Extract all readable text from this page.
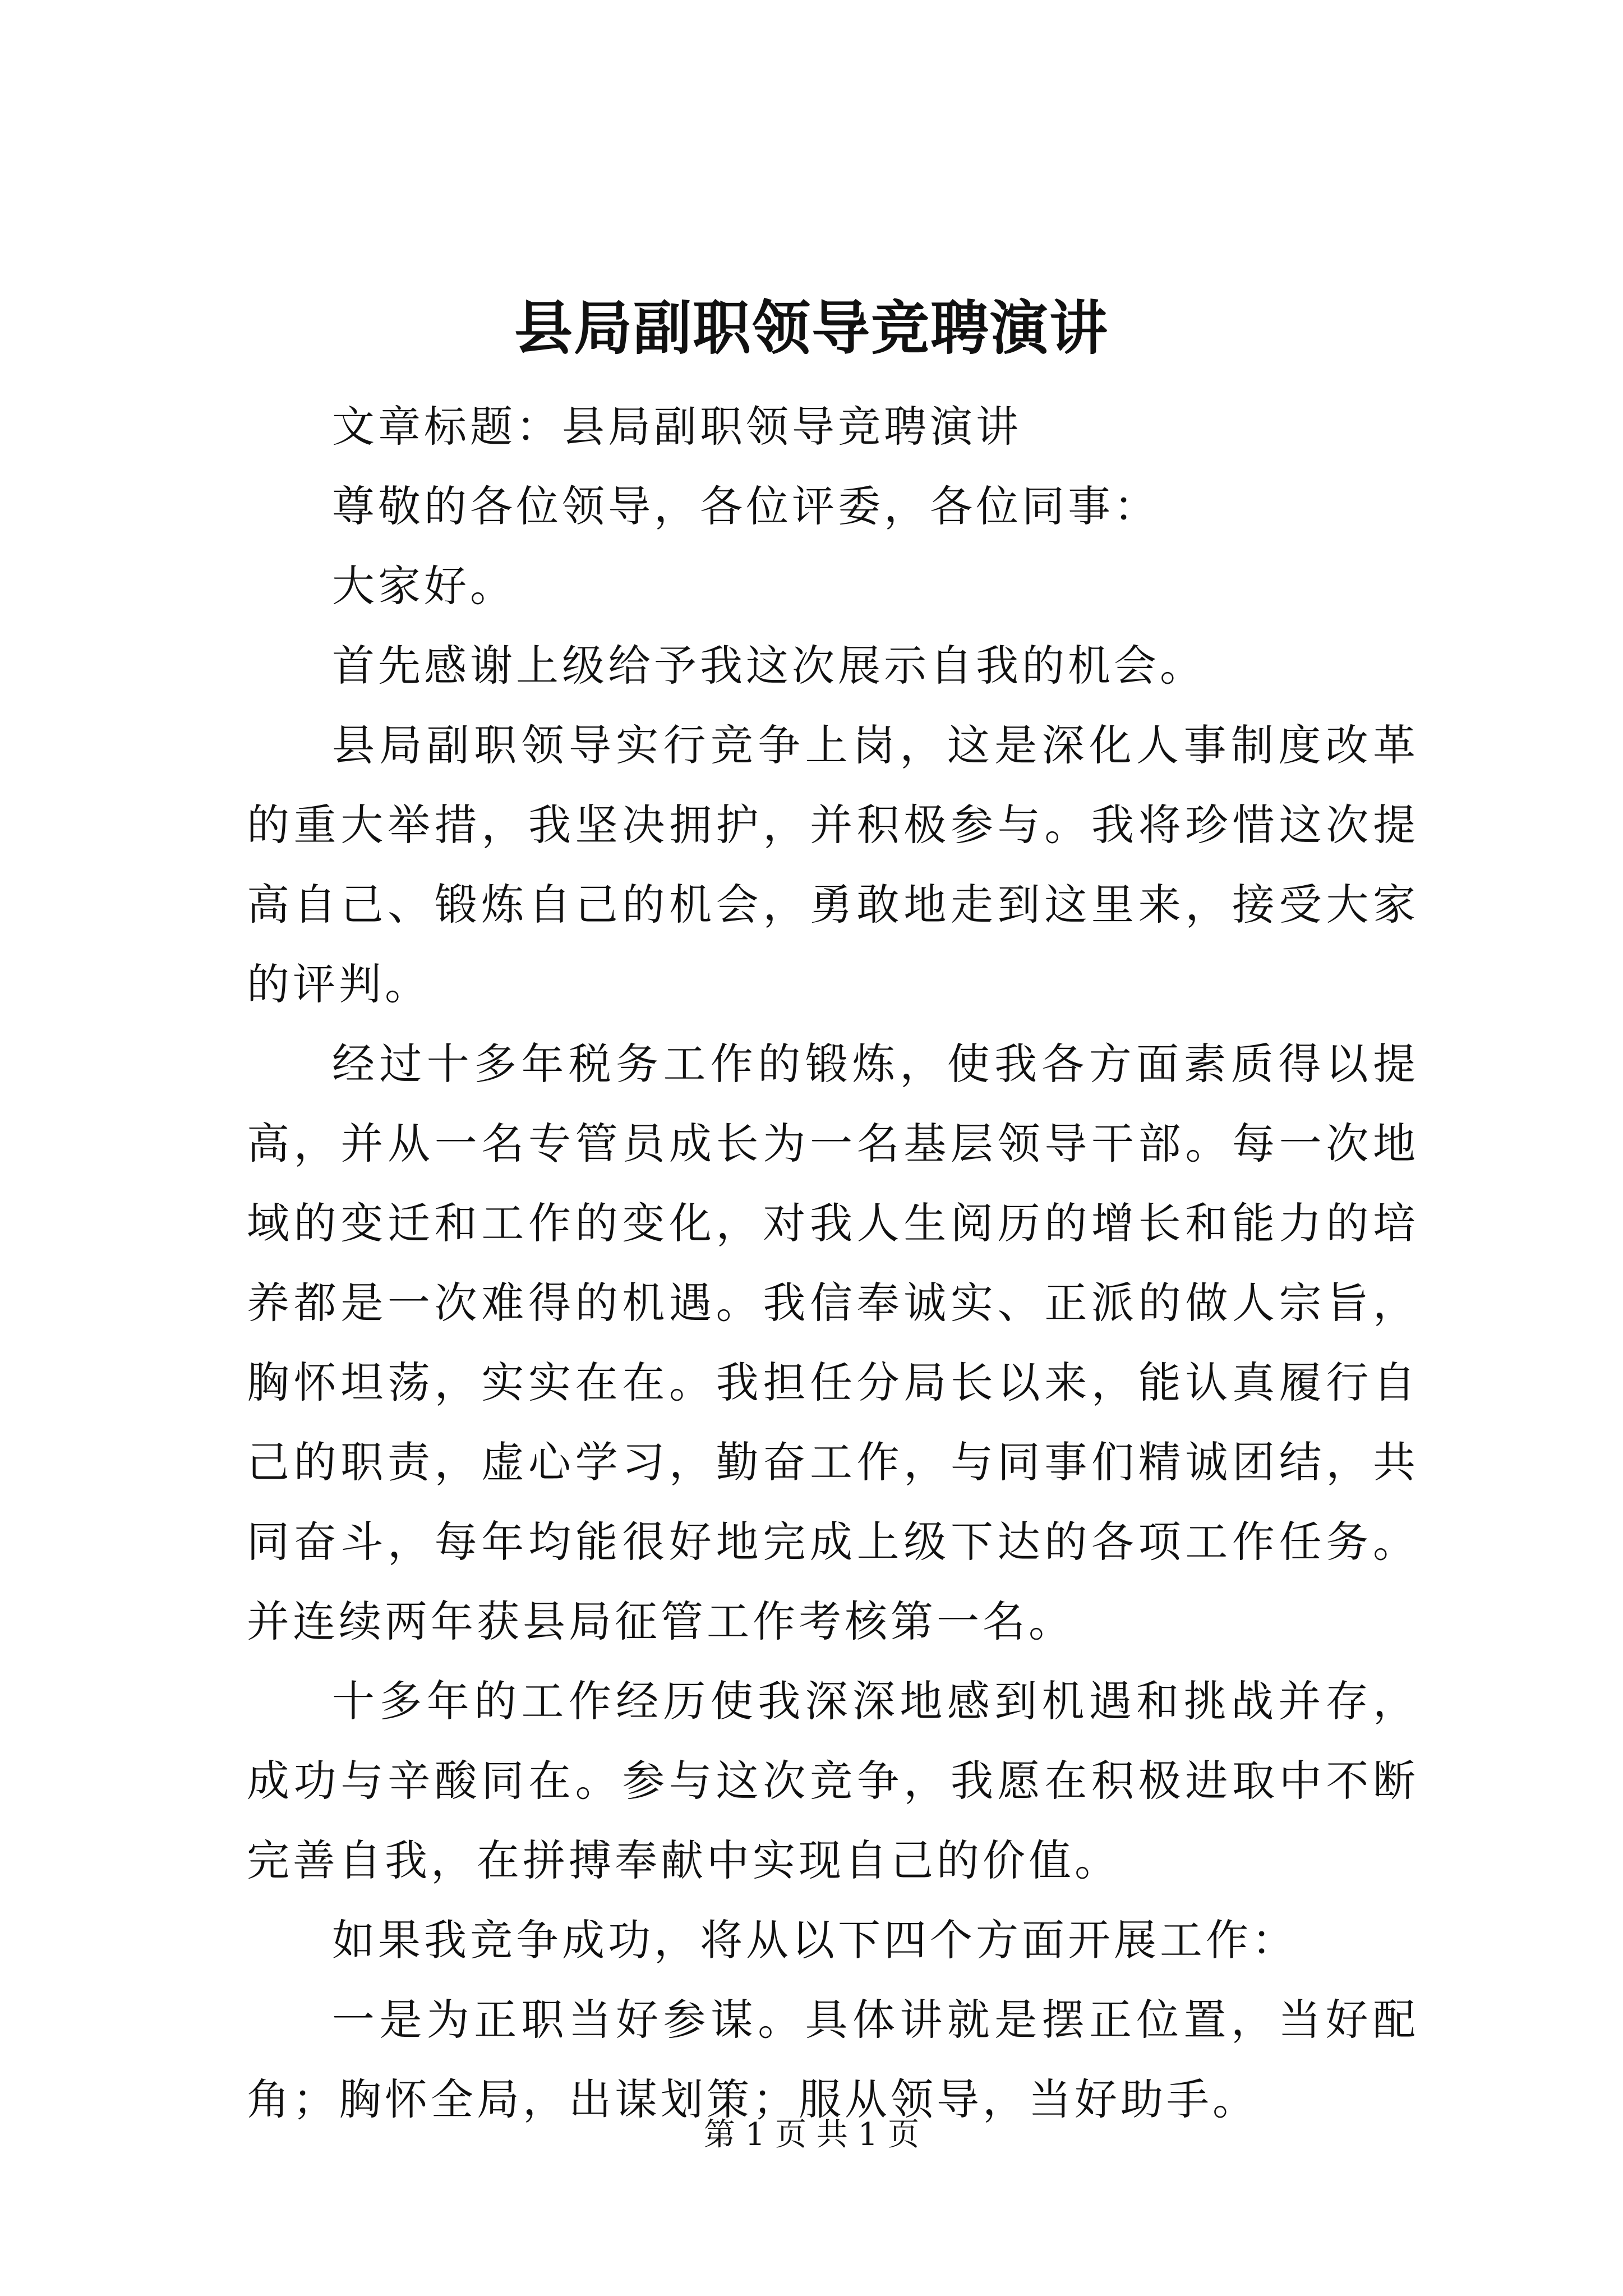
县局副职领导竞聘演讲

文章标题：县局副职领导竞聘演讲

尊敬的各位领导，各位评委，各位同事：

大家好。

首先感谢上级给予我这次展示自我的机会。

县局副职领导实行竞争上岗，这是深化人事制度改革的重大举措，我坚决拥护，并积极参与。我将珍惜这次提高自己、锻炼自己的机会，勇敢地走到这里来，接受大家的评判。

经过十多年税务工作的锻炼，使我各方面素质得以提高，并从一名专管员成长为一名基层领导干部。每一次地域的变迁和工作的变化，对我人生阅历的增长和能力的培养都是一次难得的机遇。我信奉诚实、正派的做人宗旨，胸怀坦荡，实实在在。我担任分局长以来，能认真履行自己的职责，虚心学习，勤奋工作，与同事们精诚团结，共同奋斗，每年均能很好地完成上级下达的各项工作任务。并连续两年获县局征管工作考核第一名。

十多年的工作经历使我深深地感到机遇和挑战并存，成功与辛酸同在。参与这次竞争，我愿在积极进取中不断完善自我，在拼搏奉献中实现自己的价值。

如果我竞争成功，将从以下四个方面开展工作：

一是为正职当好参谋。具体讲就是摆正位置，当好配角；胸怀全局，出谋划策；服从领导，当好助手。

第 1 页 共 1 页
